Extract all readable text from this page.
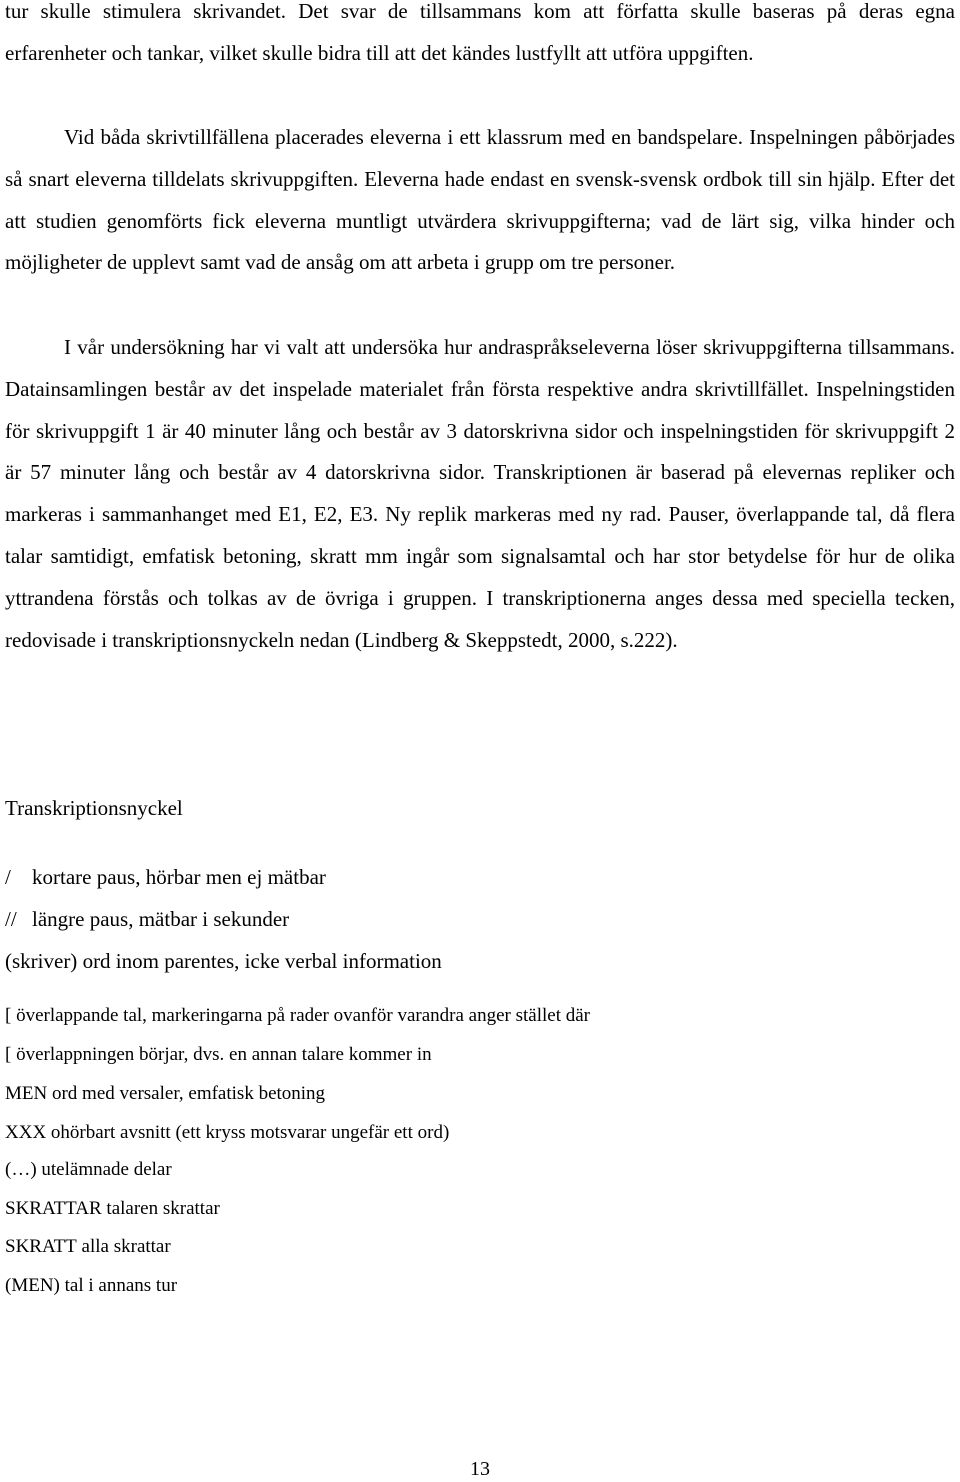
tur skulle stimulera skrivandet. Det svar de tillsammans kom att författa skulle baseras på deras egna erfarenheter och tankar, vilket skulle bidra till att det kändes lustfyllt att utföra uppgiften.

Vid båda skrivtillfällena placerades eleverna i ett klassrum med en bandspelare. Inspelningen påbörjades så snart eleverna tilldelats skrivuppgiften. Eleverna hade endast en svensk-svensk ordbok till sin hjälp. Efter det att studien genomförts fick eleverna muntligt utvärdera skrivuppgifterna; vad de lärt sig, vilka hinder och möjligheter de upplevt samt vad de ansåg om att arbeta i grupp om tre personer.

I vår undersökning har vi valt att undersöka hur andraspråkseleverna löser skrivuppgifterna tillsammans. Datainsamlingen består av det inspelade materialet från första respektive andra skrivtillfället. Inspelningstiden för skrivuppgift 1 är 40 minuter lång och består av 3 datorskrivna sidor och inspelningstiden för skrivuppgift 2 är 57 minuter lång och består av 4 datorskrivna sidor. Transkriptionen är baserad på elevernas repliker och markeras i sammanhanget med E1, E2, E3. Ny replik markeras med ny rad. Pauser, överlappande tal, då flera talar samtidigt, emfatisk betoning, skratt mm ingår som signalsamtal och har stor betydelse för hur de olika yttrandena förstås och tolkas av de övriga i gruppen. I transkriptionerna anges dessa med speciella tecken, redovisade i transkriptionsnyckeln nedan (Lindberg & Skeppstedt, 2000, s.222).

Transkriptionsnyckel
/ kortare paus, hörbar men ej mätbar
// längre paus, mätbar i sekunder
(skriver) ord inom parentes, icke verbal information
[ överlappande tal, markeringarna på rader ovanför varandra anger stället där
[ överlappningen börjar, dvs. en annan talare kommer in
MEN ord med versaler, emfatisk betoning
XXX ohörbart avsnitt (ett kryss motsvarar ungefär ett ord)
(…) utelämnade delar
SKRATTAR talaren skrattar
SKRATT alla skrattar
(MEN) tal i annans tur
13
